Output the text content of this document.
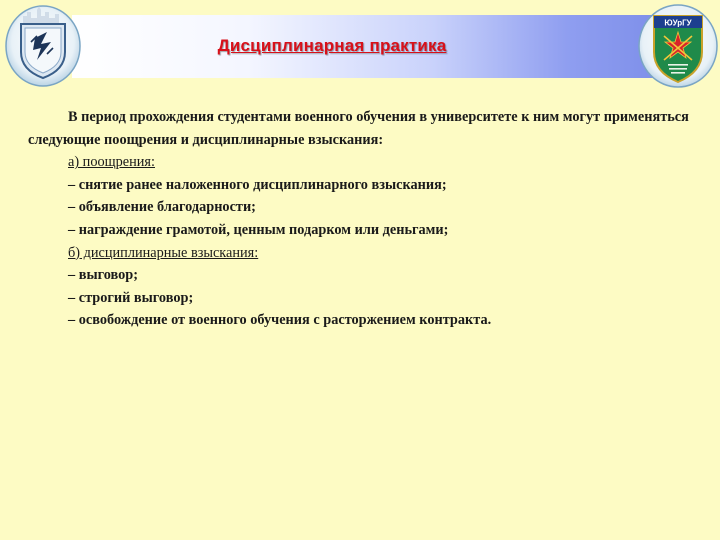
Дисциплинарная практика
ЮУрГУ

В период прохождения студентами военного обучения в университете к ним могут применяться следующие поощрения и дисциплинарные взыскания:

а) поощрения:

– снятие ранее наложенного дисциплинарного взыскания;

– объявление благодарности;

– награждение грамотой, ценным подарком или деньгами;

б) дисциплинарные взыскания:

– выговор;

– строгий выговор;

– освобождение от военного обучения с расторжением контракта.
